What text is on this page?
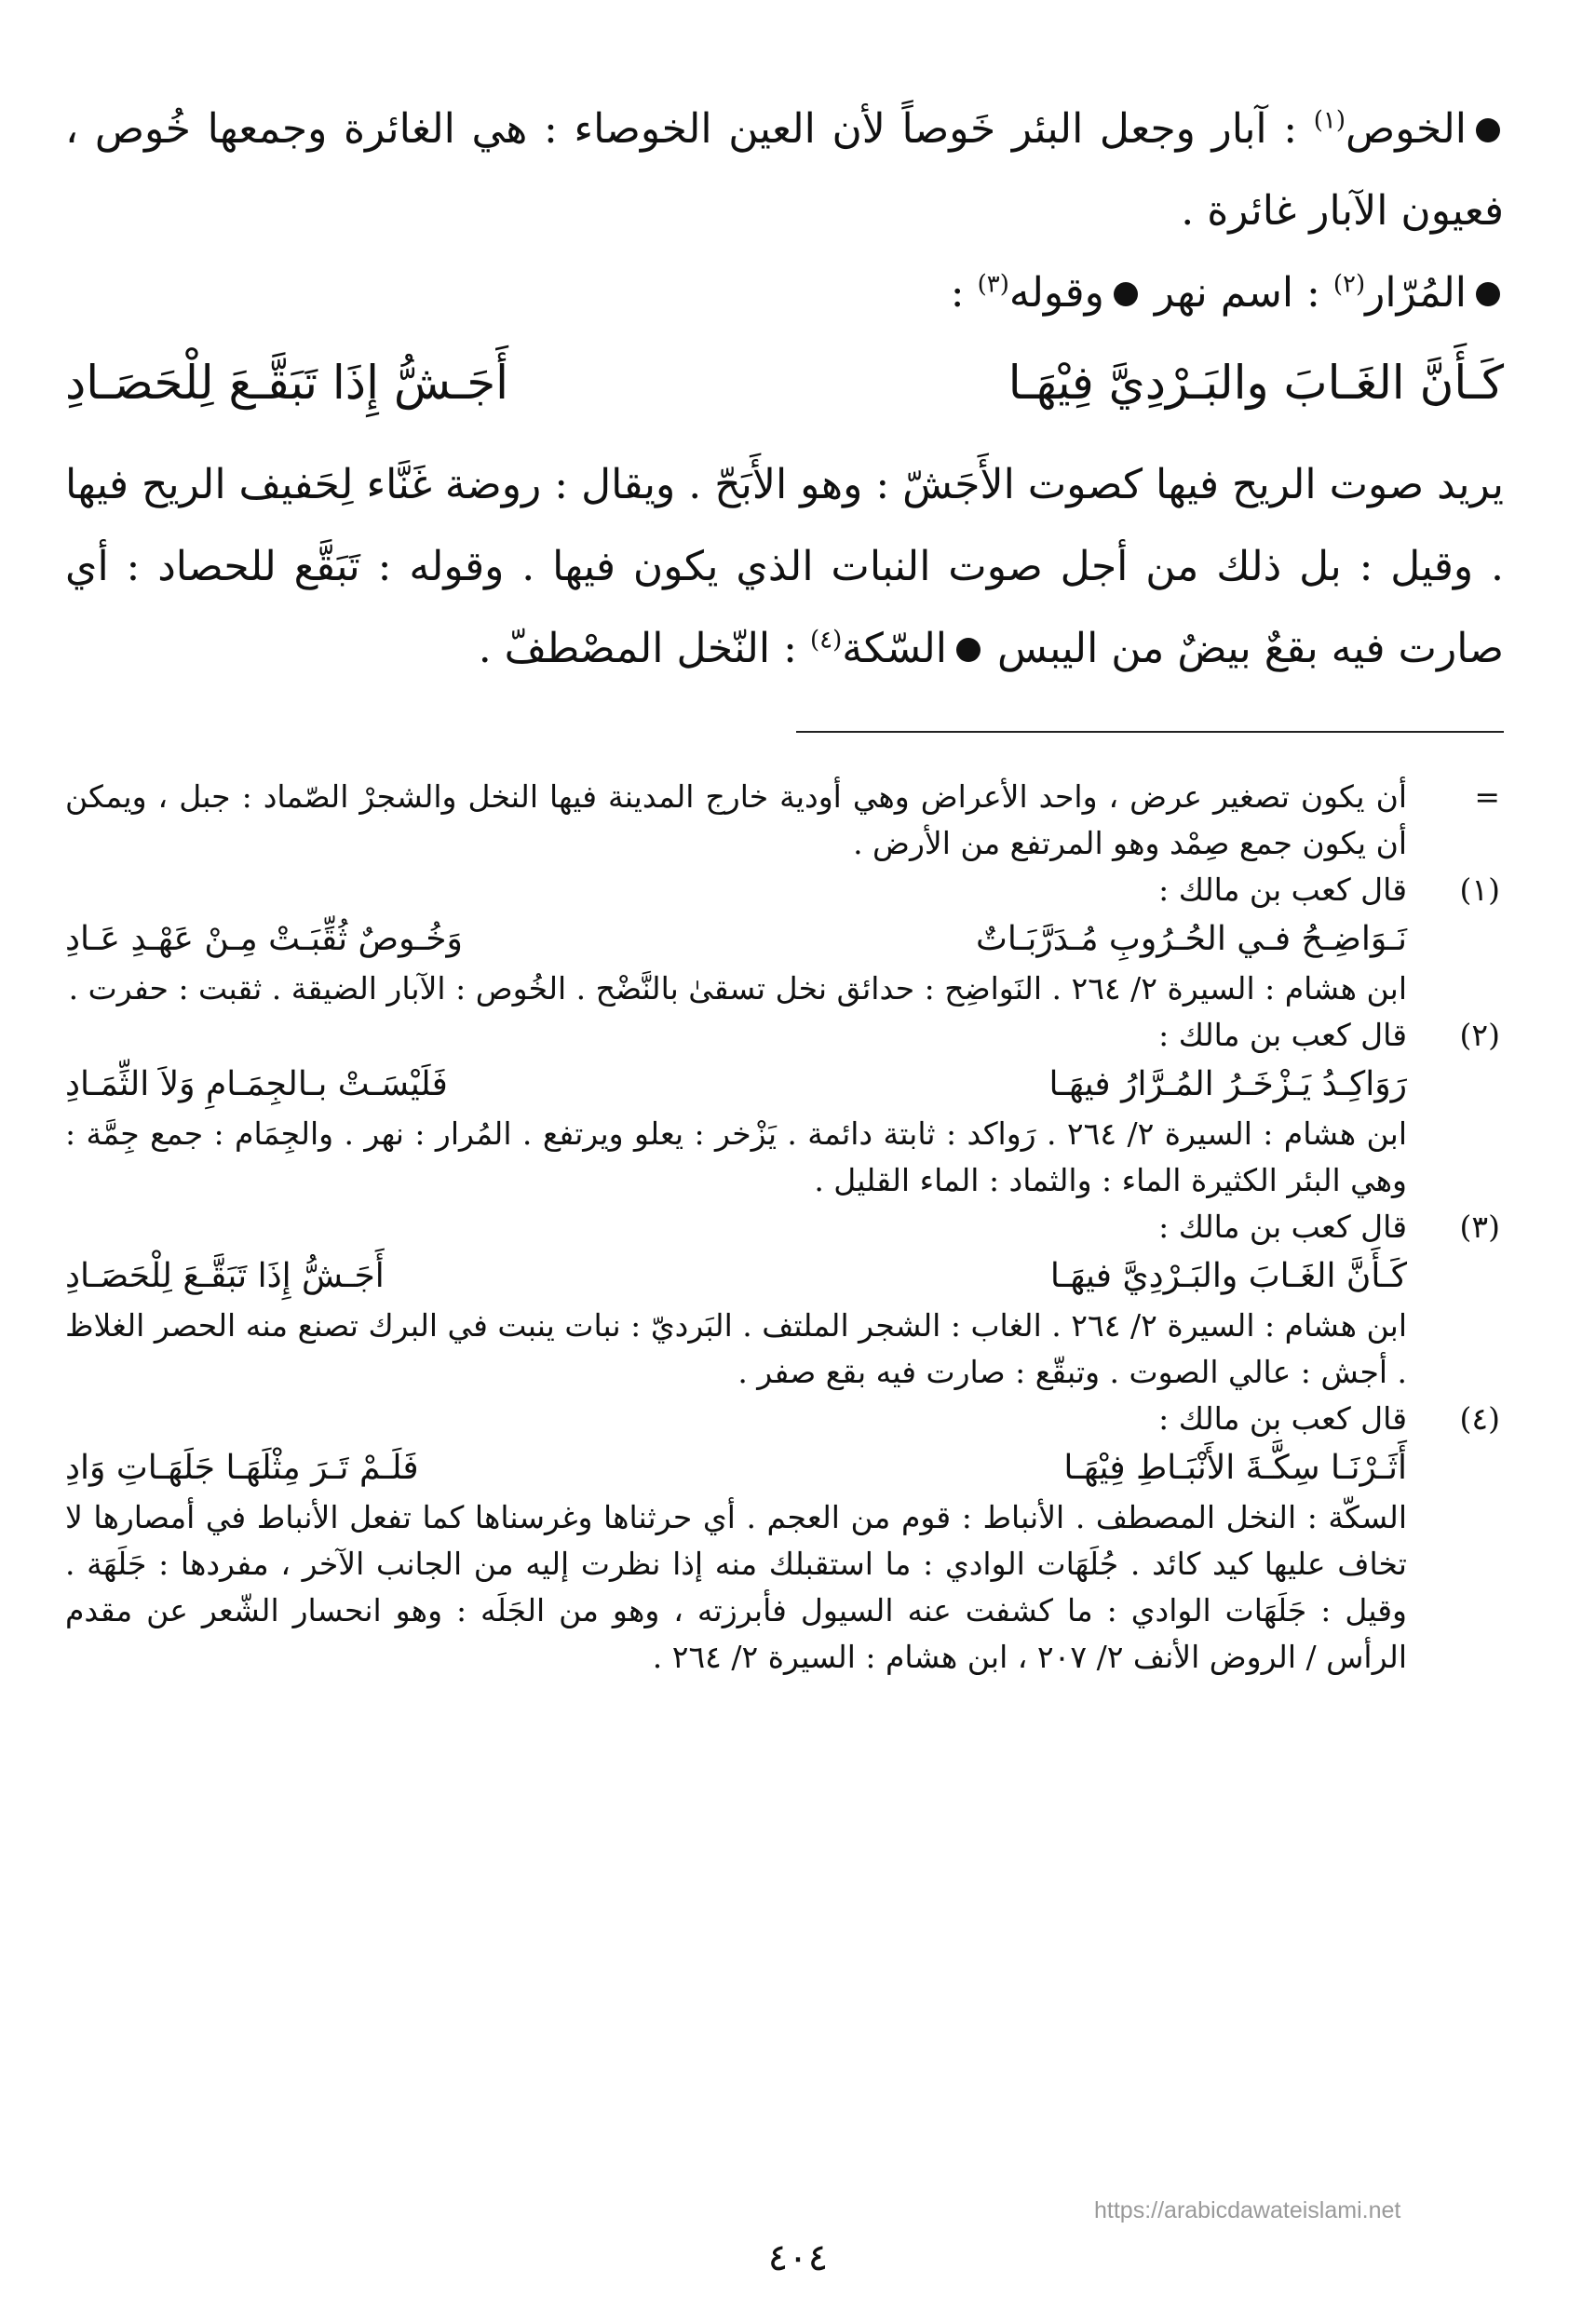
الخوص$^{(١)}$ : آبار وجعل البئر خَوصاً لأن العين الخوصاء : هي الغائرة وجمعها خُوص ، فعيون الآبار غائرة .

المُرّار$^{(٢)}$ : اسم نهر وقوله$^{(٣)}$ :

كَـأَنَّ الغَـابَ والبَـرْدِيَّ فِيْهَـا
أَجَـشُّ إِذَا تَبَقَّـعَ لِلْحَصَـادِ

يريد صوت الريح فيها كصوت الأَجَشّ : وهو الأَبَحّ . ويقال : روضة غَنَّاء لِحَفيف الريح فيها . وقيل : بل ذلك من أجل صوت النبات الذي يكون فيها . وقوله : تَبَقَّع للحصاد : أي صارت فيه بقعٌ بيضٌ من اليبس السّكة$^{(٤)}$ : النّخل المصْطفّ .

=

أن يكون تصغير عرض ، واحد الأعراض وهي أودية خارج المدينة فيها النخل والشجرْ الصّماد : جبل ، ويمكن أن يكون جمع صِمْد وهو المرتفع من الأرض .

(١)

قال كعب بن مالك :

نَـوَاضِـحُ فـي الحُـرُوبِ مُـدَرَّبَـاتٌ
وَخُـوصٌ ثُقِّبَـتْ مِـنْ عَهْـدِ عَـادِ

ابن هشام : السيرة ٢/ ٢٦٤ . النَواضِح : حدائق نخل تسقىٰ بالنَّضْح . الخُوص : الآبار الضيقة . ثقبت : حفرت .

(٢)

قال كعب بن مالك :

رَوَاكِـدُ يَـزْخَـرُ المُـرَّارُ فيهَـا
فَلَيْسَـتْ بـالجِمَـامِ وَلاَ الثِّمَـادِ

ابن هشام : السيرة ٢/ ٢٦٤ . رَواكد : ثابتة دائمة . يَزْخر : يعلو ويرتفع . المُرار : نهر . والجِمَام : جمع جِمَّة : وهي البئر الكثيرة الماء : والثماد : الماء القليل .

(٣)

قال كعب بن مالك :

كَـأَنَّ الغَـابَ والبَـرْدِيَّ فيهَـا
أَجَـشُّ إِذَا تَبَقَّـعَ لِلْحَصَـادِ

ابن هشام : السيرة ٢/ ٢٦٤ . الغاب : الشجر الملتف . البَرديّ : نبات ينبت في البرك تصنع منه الحصر الغلاظ . أجش : عالي الصوت . وتبقّع : صارت فيه بقع صفر .

(٤)

قال كعب بن مالك :

أَثَـرْنَـا سِكَّـةَ الأَنْبَـاطِ فِيْهَـا
فَلَـمْ تَـرَ مِثْلَهَـا جَلَهَـاتِ وَادِ

السكّة : النخل المصطف . الأنباط : قوم من العجم . أي حرثناها وغرسناها كما تفعل الأنباط في أمصارها لا تخاف عليها كيد كائد . جُلَهَات الوادي : ما استقبلك منه إذا نظرت إليه من الجانب الآخر ، مفردها : جَلَهَة . وقيل : جَلَهَات الوادي : ما كشفت عنه السيول فأبرزته ، وهو من الجَلَه : وهو انحسار الشّعر عن مقدم الرأس / الروض الأنف ٢/ ٢٠٧ ، ابن هشام : السيرة ٢/ ٢٦٤ .

https://arabicdawateislami.net
٤٠٤
